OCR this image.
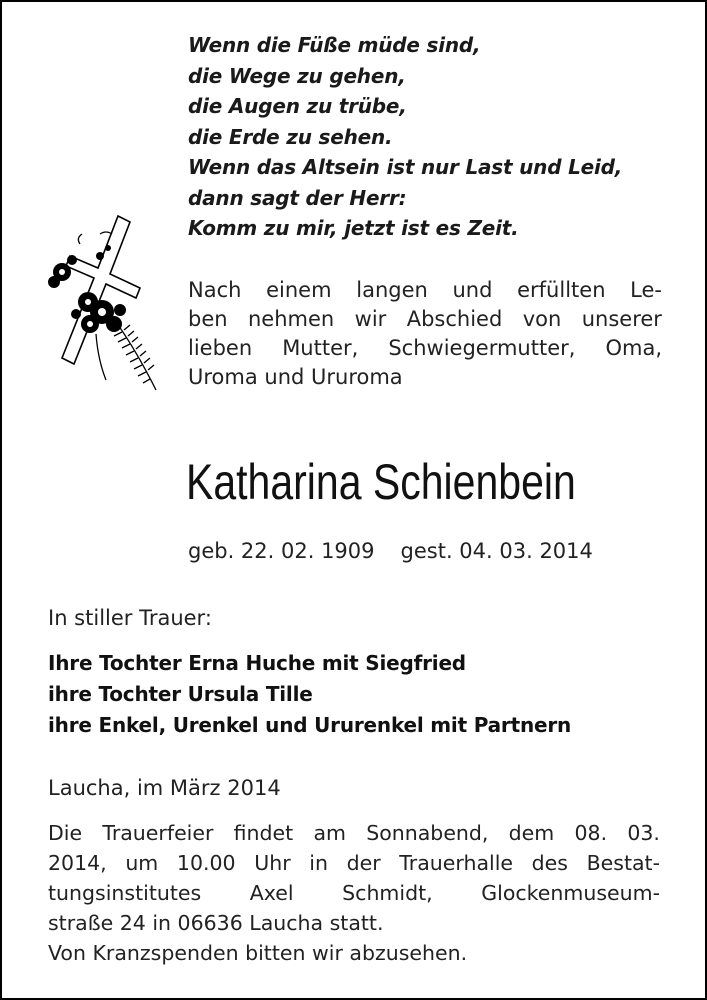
Wenn die Füße müde sind,
die Wege zu gehen,
die Augen zu trübe,
die Erde zu sehen.
Wenn das Altsein ist nur Last und Leid,
dann sagt der Herr:
Komm zu mir, jetzt ist es Zeit.
Nach einem langen und erfüllten Le-
ben nehmen wir Abschied von unserer
lieben Mutter, Schwiegermutter, Oma,
Uroma und Ururoma
Katharina Schienbein
geb. 22. 02. 1909 gest. 04. 03. 2014
In stiller Trauer:
Ihre Tochter Erna Huche mit Siegfried
ihre Tochter Ursula Tille
ihre Enkel, Urenkel und Ururenkel mit Partnern
Laucha, im März 2014
Die Trauerfeier findet am Sonnabend, dem 08. 03.
2014, um 10.00 Uhr in der Trauerhalle des Bestat-
tungsinstitutes Axel Schmidt, Glockenmuseum-
straße 24 in 06636 Laucha statt.
Von Kranzspenden bitten wir abzusehen.
